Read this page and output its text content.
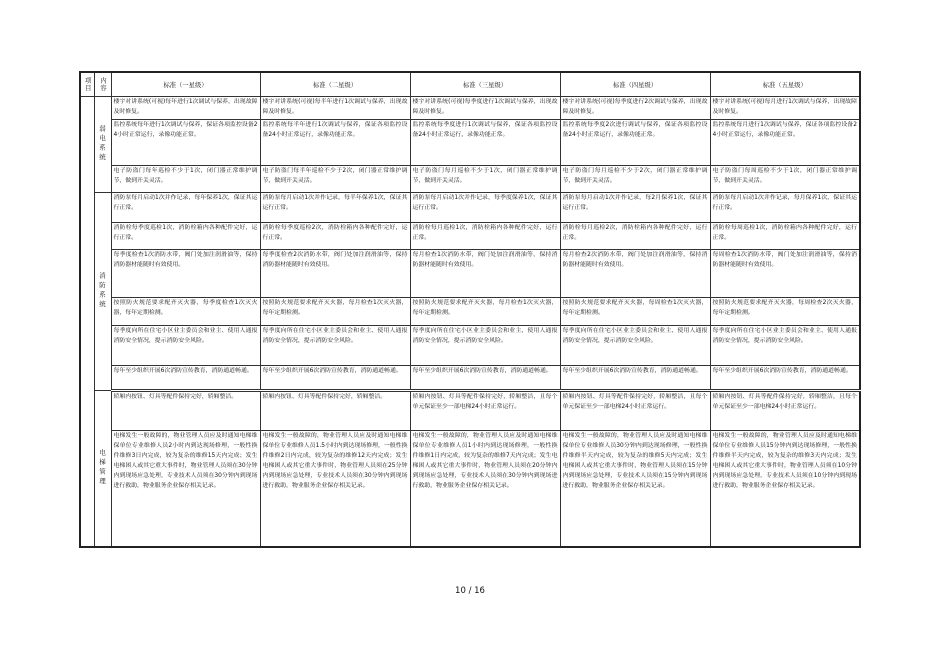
项目	内容	标准（一星级）	标准（二星级）	标准（三星级）	标准（四星级）	标准（五星级）
	弱电系统	楼宇对讲系统(可视)每年进行1次调试与保养，出现故障及时修复。	楼宇对讲系统(可视)每半年进行1次调试与保养，出现故障及时修复。	楼宇对讲系统(可视)每季度进行1次调试与保养，出现故障及时修复。	楼宇对讲系统(可视)每季度进行2次调试与保养，出现故障及时修复。	楼宇对讲系统(可视)每月进行1次调试与保养，出现故障及时修复。
		监控系统每年进行1次调试与保养，保证各项监控设备24小时正常运行，录像功能正常。	监控系统每半年进行1次调试与保养，保证各项监控设备24小时正常运行，录像功能正常。	监控系统每季度进行1次调试与保养，保证各项监控设备24小时正常运行，录像功能正常。	监控系统每季度2次进行调试与保养，保证各项监控设备24小时正常运行，录像功能正常。	监控系统每月进行1次调试与保养，保证各项监控设备24小时正常运行，录像功能正常。
		电子防盗门每年巡检不少于1次，闭门器正常维护调节，做到开关灵活。	电子防盗门每半年巡检不少于2次，闭门器正常维护调节，做到开关灵活。	电子防盗门每月巡检不少于1次，闭门器正常维护调节，做到开关灵活。	电子防盗门每月巡检不少于2次，闭门器正常维护调节，做到开关灵活。	电子防盗门每周巡检不少于1次，闭门器正常维护调节，做到开关灵活。
	消防系统	消防泵每月启动1次并作记录，每年保养1次，保证其运行正常。	消防泵每月启动1次并作记录，每半年保养1次，保证其运行正常。	消防泵每月启动1次并作记录，每季度保养1次，保证其运行正常。	消防泵每月启动1次并作记录，每2月保养1次，保证其运行正常。	消防泵每月启动1次并作记录，每月保养1次，保证其运行正常。
		消防栓每季度巡检1次，消防栓箱内各种配件完好，运行正常。	消防栓每季度巡检2次，消防栓箱内各种配件完好，运行正常。	消防栓每月巡检1次，消防栓箱内各种配件完好，运行正常。	消防栓每月巡检2次，消防栓箱内各种配件完好，运行正常。	消防栓每周巡检1次，消防栓箱内各种配件完好，运行正常。
		每季度检查1次消防水带，阀门处加注润滑油等，保持消防器材能随时有效使用。	每季度检查2次消防水带，阀门处加注润滑油等，保持消防器材能随时有效使用。	每月检查1次消防水带，阀门处加注润滑油等，保持消防器材能随时有效使用。	每月检查2次消防水带，阀门处加注润滑油等，保持消防器材能随时有效使用。	每周检查1次消防水带，阀门处加注润滑油等，保持消防器材能随时有效使用。
		按照防火规范要求配齐灭火器，每季度检查1次灭火器，每年定期检测。	按照防火规范要求配齐灭火器，每月检查1次灭火器，每年定期检测。	按照防火规范要求配齐灭火器，每月检查1次灭火器，每年定期检测。	按照防火规范要求配齐灭火器，每周检查1次灭火器，每年定期检测。	按照防火规范要求配齐灭火器，每周检查2次灭火器，每年定期检测。
		每季度向所在住宅小区业主委员会和业主、使用人通报消防安全情况，提示消防安全风险。	每季度向所在住宅小区业主委员会和业主、使用人通报消防安全情况，提示消防安全风险。	每季度向所在住宅小区业主委员会和业主、使用人通报消防安全情况，提示消防安全风险。	每季度向所在住宅小区业主委员会和业主、使用人通报消防安全情况，提示消防安全风险。	每季度向所在住宅小区业主委员会和业主、使用人通报消防安全情况，提示消防安全风险。
		每年至少组织开展6次消防宣传教育，消防通道畅通。	每年至少组织开展6次消防宣传教育，消防通道畅通。	每年至少组织开展6次消防宣传教育，消防通道畅通。	每年至少组织开展6次消防宣传教育，消防通道畅通。	每年至少组织开展6次消防宣传教育，消防通道畅通。
	电梯管理	轿厢内按钮、灯具等配件保持完好，轿厢整洁。	轿厢内按钮、灯具等配件保持完好，轿厢整洁。	轿厢内按钮、灯具等配件保持完好，轿厢整洁，且每个单元保证至少一部电梯24小时正常运行。	轿厢内按钮、灯具等配件保持完好，轿厢整洁，且每个单元保证至少一部电梯24小时正常运行。	轿厢内按钮、灯具等配件保持完好，轿厢整洁，且每个单元保证至少一部电梯24小时正常运行。
		电梯发生一般故障的，物业管理人员应及时通知电梯维保单位专业维修人员2小时内到达现场修理，一般性换件维修3日内完成，较为复杂的维修15天内完成；发生电梯困人或其它重大事件时，物业管理人员须在30分钟内到现场应急处理，专业技术人员须在30分钟内到现场进行救助，物业服务企业保存相关记录。	电梯发生一般故障的，物业管理人员应及时通知电梯维保单位专业维修人员1.5小时内到达现场修理，一般性换件维修2日内完成，较为复杂的维修12天内完成；发生电梯困人或其它重大事件时，物业管理人员须在25分钟内到现场应急处理，专业技术人员须在30分钟内到现场进行救助，物业服务企业保存相关记录。	电梯发生一般故障的，物业管理人员应及时通知电梯维保单位专业维修人员1小时内到达现场修理，一般性换件维修1日内完成，较为复杂的维修7天内完成；发生电梯困人或其它重大事件时，物业管理人员须在20分钟内到现场应急处理，专业技术人员须在30分钟内到现场进行救助，物业服务企业保存相关记录。	电梯发生一般故障的，物业管理人员应及时通知电梯维保单位专业维修人员30分钟内到达现场修理，一般性换件维修半天内完成，较为复杂的维修5天内完成；发生电梯困人或其它重大事件时，物业管理人员须在15分钟内到现场应急处理，专业技术人员须在15分钟内到现场进行救助，物业服务企业保存相关记录。	电梯发生一般故障的，物业管理人员应及时通知电梯维保单位专业维修人员15分钟内到达现场修理，一般性换件维修半天内完成，较为复杂的维修3天内完成；发生电梯困人或其它重大事件时，物业管理人员须在10分钟内到现场应急处理，专业技术人员须在10分钟内到现场进行救助，物业服务企业保存相关记录。
10 / 16
